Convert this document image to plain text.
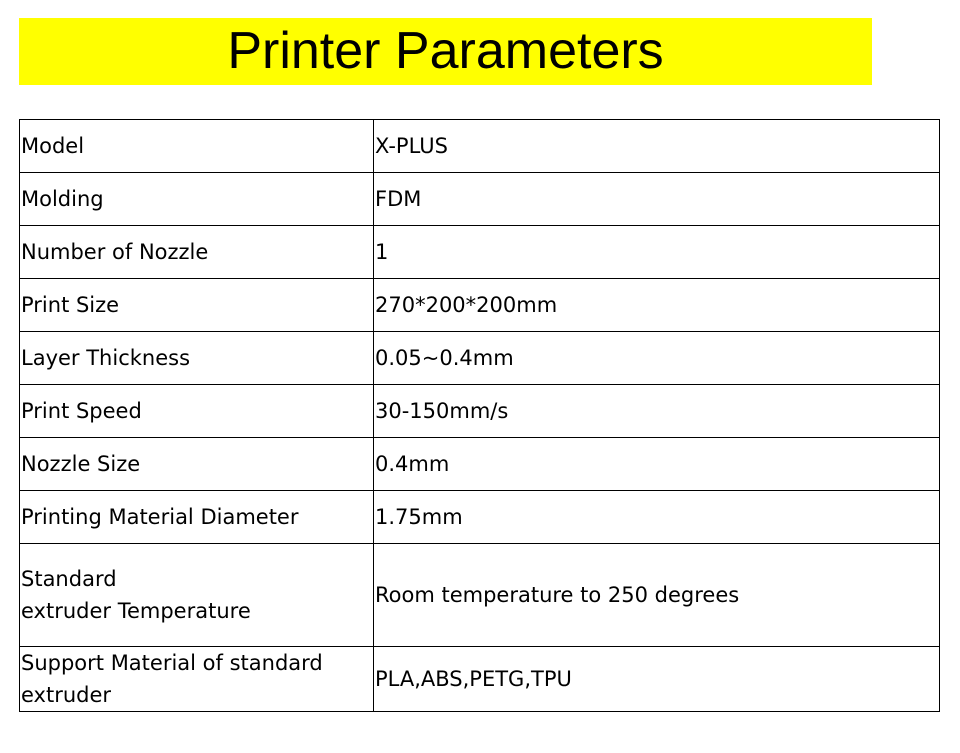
Printer Parameters
Model	X-PLUS
Molding	FDM
Number of Nozzle	1
Print Size	270*200*200mm
Layer Thickness	0.05~0.4mm
Print Speed	30-150mm/s
Nozzle Size	0.4mm
Printing Material Diameter	1.75mm
Standard
extruder Temperature	Room temperature to 250 degrees
Support Material of standard
extruder	PLA,ABS,PETG,TPU
